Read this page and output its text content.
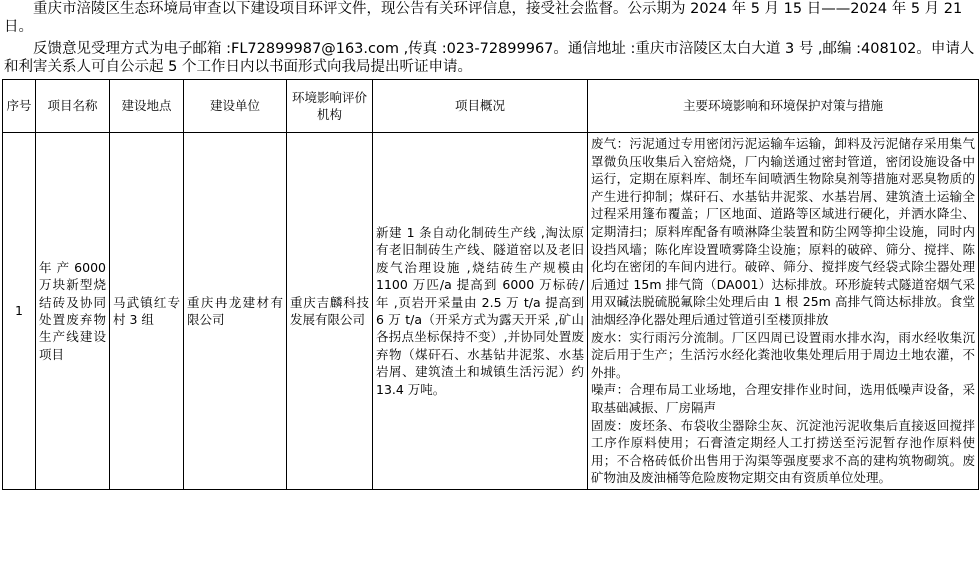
重庆市涪陵区生态环境局审查以下建设项目环评文件，现公告有关环评信息，接受社会监督。公示期为 2024 年 5 月 15 日——2024 年 5 月 21 日。

反馈意见受理方式为电子邮箱 :FL72899987@163.com ,传真 :023-72899967。通信地址 :重庆市涪陵区太白大道 3 号 ,邮编 :408102。申请人和利害关系人可自公示起 5 个工作日内以书面形式向我局提出听证申请。

序号	项目名称	建设地点	建设单位	环境影响评价机构	项目概况	主要环境影响和环境保护对策与措施
1	年 产 6000 万块新型烧结砖及协同处置废弃物生产线建设项目	马武镇红专村 3 组	重庆冉龙建材有限公司	重庆吉麟科技发展有限公司	新建 1 条自动化制砖生产线 ,淘汰原有老旧制砖生产线、隧道窑以及老旧废气治理设施 ,烧结砖生产规模由 1100 万匹/a 提高到 6000 万标砖/年 ,页岩开采量由 2.5 万 t/a 提高到 6 万 t/a（开采方式为露天开采 ,矿山各拐点坐标保持不变）,并协同处置废弃物（煤矸石、水基钻井泥浆、水基岩屑、建筑渣土和城镇生活污泥）约 13.4 万吨。	废气：污泥通过专用密闭污泥运输车运输，卸料及污泥储存采用集气罩微负压收集后入窑焙烧，厂内输送通过密封管道，密闭设施设备中运行，定期在原料库、制坯车间喷洒生物除臭剂等措施对恶臭物质的产生进行抑制；煤矸石、水基钻井泥浆、水基岩屑、建筑渣土运输全过程采用篷布覆盖；厂区地面、道路等区域进行硬化，并洒水降尘、定期清扫；原料库配备有喷淋降尘装置和防尘网等抑尘设施，同时内设挡风墙；陈化库设置喷雾降尘设施；原料的破碎、筛分、搅拌、陈化均在密闭的车间内进行。破碎、筛分、搅拌废气经袋式除尘器处理后通过 15m 排气筒（DA001）达标排放。环形旋转式隧道窑烟气采用双碱法脱硫脱氟除尘处理后由 1 根 25m 高排气筒达标排放。食堂油烟经净化器处理后通过管道引至楼顶排放
废水：实行雨污分流制。厂区四周已设置雨水排水沟，雨水经收集沉淀后用于生产；生活污水经化粪池收集处理后用于周边土地农灌，不外排。
噪声：合理布局工业场地，合理安排作业时间，选用低噪声设备，采取基础减振、厂房隔声
固废：废坯条、布袋收尘器除尘灰、沉淀池污泥收集后直接返回搅拌工序作原料使用；石膏渣定期经人工打捞送至污泥暂存池作原料使用；不合格砖低价出售用于沟渠等强度要求不高的建构筑物砌筑。废矿物油及废油桶等危险废物定期交由有资质单位处理。
